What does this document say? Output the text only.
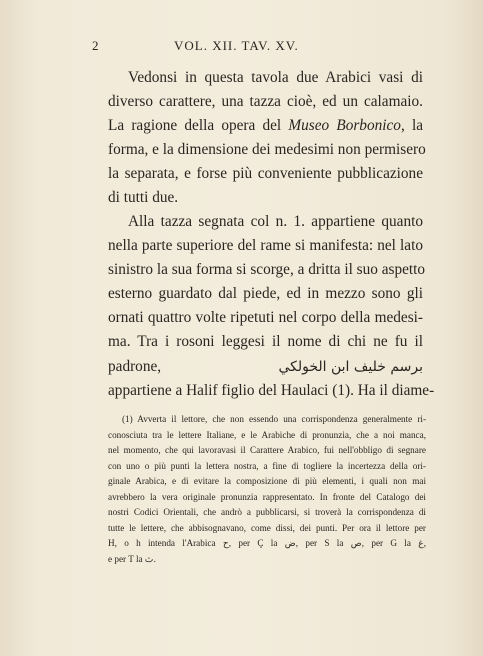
2	VOL. XII. TAV. XV.
Vedonsi in questa tavola due Arabici vasi di
diverso carattere, una tazza cioè, ed un calamaio.
La ragione della opera del Museo Borbonico, la
forma, e la dimensione dei medesimi non permisero
la separata, e forse più conveniente pubblicazione
di tutti due.
Alla tazza segnata col n. 1. appartiene quanto
nella parte superiore del rame si manifesta: nel lato
sinistro la sua forma si scorge, a dritta il suo aspetto
esterno guardato dal piede, ed in mezzo sono gli
ornati quattro volte ripetuti nel corpo della medesi-
ma. Tra i rosoni leggesi il nome di chi ne fu il
padrone,	برسم خليف ابن الخولكي
appartiene a Halif figlio del Haulaci (1). Ha il diame-
(1) Avverta il lettore, che non essendo una corrispondenza generalmente ri-
conosciuta tra le lettere Italiane, e le Arabiche di pronunzia, che a noi manca,
nel momento, che qui lavoravasi il Carattere Arabico, fui nell'obbligo di segnare
con uno o più punti la lettera nostra, a fine di togliere la incertezza della ori-
ginale Arabica, e di evitare la composizione di più elementi, i quali non mai
avrebbero la vera originale pronunzia rappresentato. In fronte del Catalogo dei
nostri Codici Orientali, che andrò a pubblicarsi, si troverà la corrispondenza di
tutte le lettere, che abbisognavano, come dissi, dei punti. Per ora il lettore per
H, o h intenda l'Arabica ح, per Ç la ض, per S la ص, per G la غ,
e per T la ث.
